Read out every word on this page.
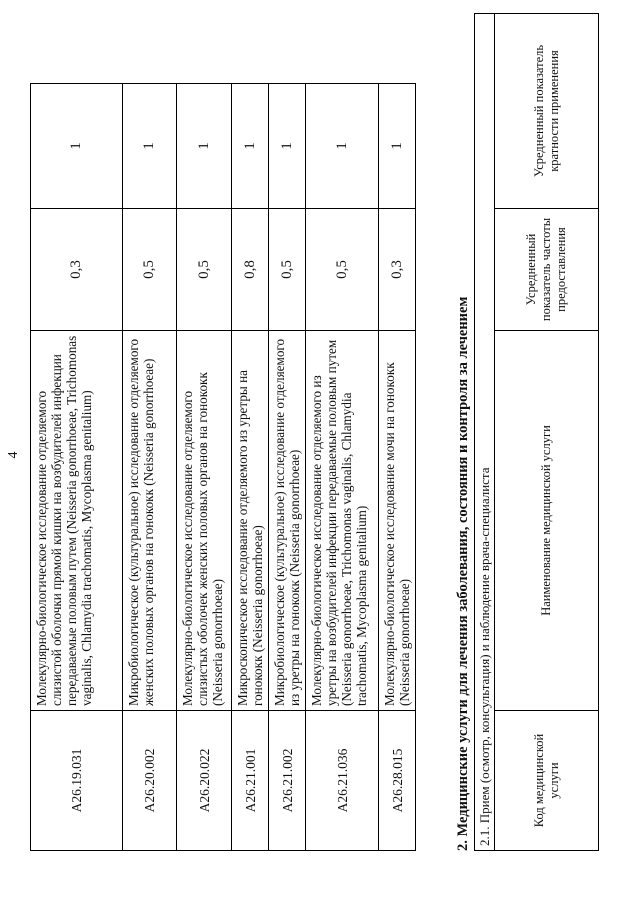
4
A26.19.031	Молекулярно-биологическое исследование отделяемого слизистой оболочки прямой кишки на возбудителей инфекции передаваемые половым путем (Neisseria gonorrhoeae, Trichomonas vaginalis, Chlamydia trachomatis, Mycoplasma genitalium)	0,3	1
A26.20.002	Микробиологическое (культуральное) исследование отделяемого женских половых органов на гонококк (Neisseria gonorrhoeae)	0,5	1
A26.20.022	Молекулярно-биологическое исследование отделяемого слизистых оболочек женских половых органов на гонококк (Neisseria gonorrhoeae)	0,5	1
A26.21.001	Микроскопическое исследование отделяемого из уретры на гонококк (Neisseria gonorrhoeae)	0,8	1
A26.21.002	Микробиологическое (культуральное) исследование отделяемого из уретры на гонококк (Neisseria gonorrhoeae)	0,5	1
A26.21.036	Молекулярно-биологическое исследование отделяемого из уретры на возбудителей инфекции передаваемые половым путем (Neisseria gonorrhoeae, Trichomonas vaginalis, Chlamydia trachomatis, Mycoplasma genitalium)	0,5	1
A26.28.015	Молекулярно-биологическое исследование мочи на гонококк (Neisseria gonorrhoeae)	0,3	1
2. Медицинские услуги для лечения заболевания, состояния и контроля за лечением 2.1. Прием (осмотр, консультация) и наблюдение врача-специалиста
Код медицинской услуги	Наименование медицинской услуги	Усредненный показатель частоты предоставления	Усредненный показатель кратности применения
